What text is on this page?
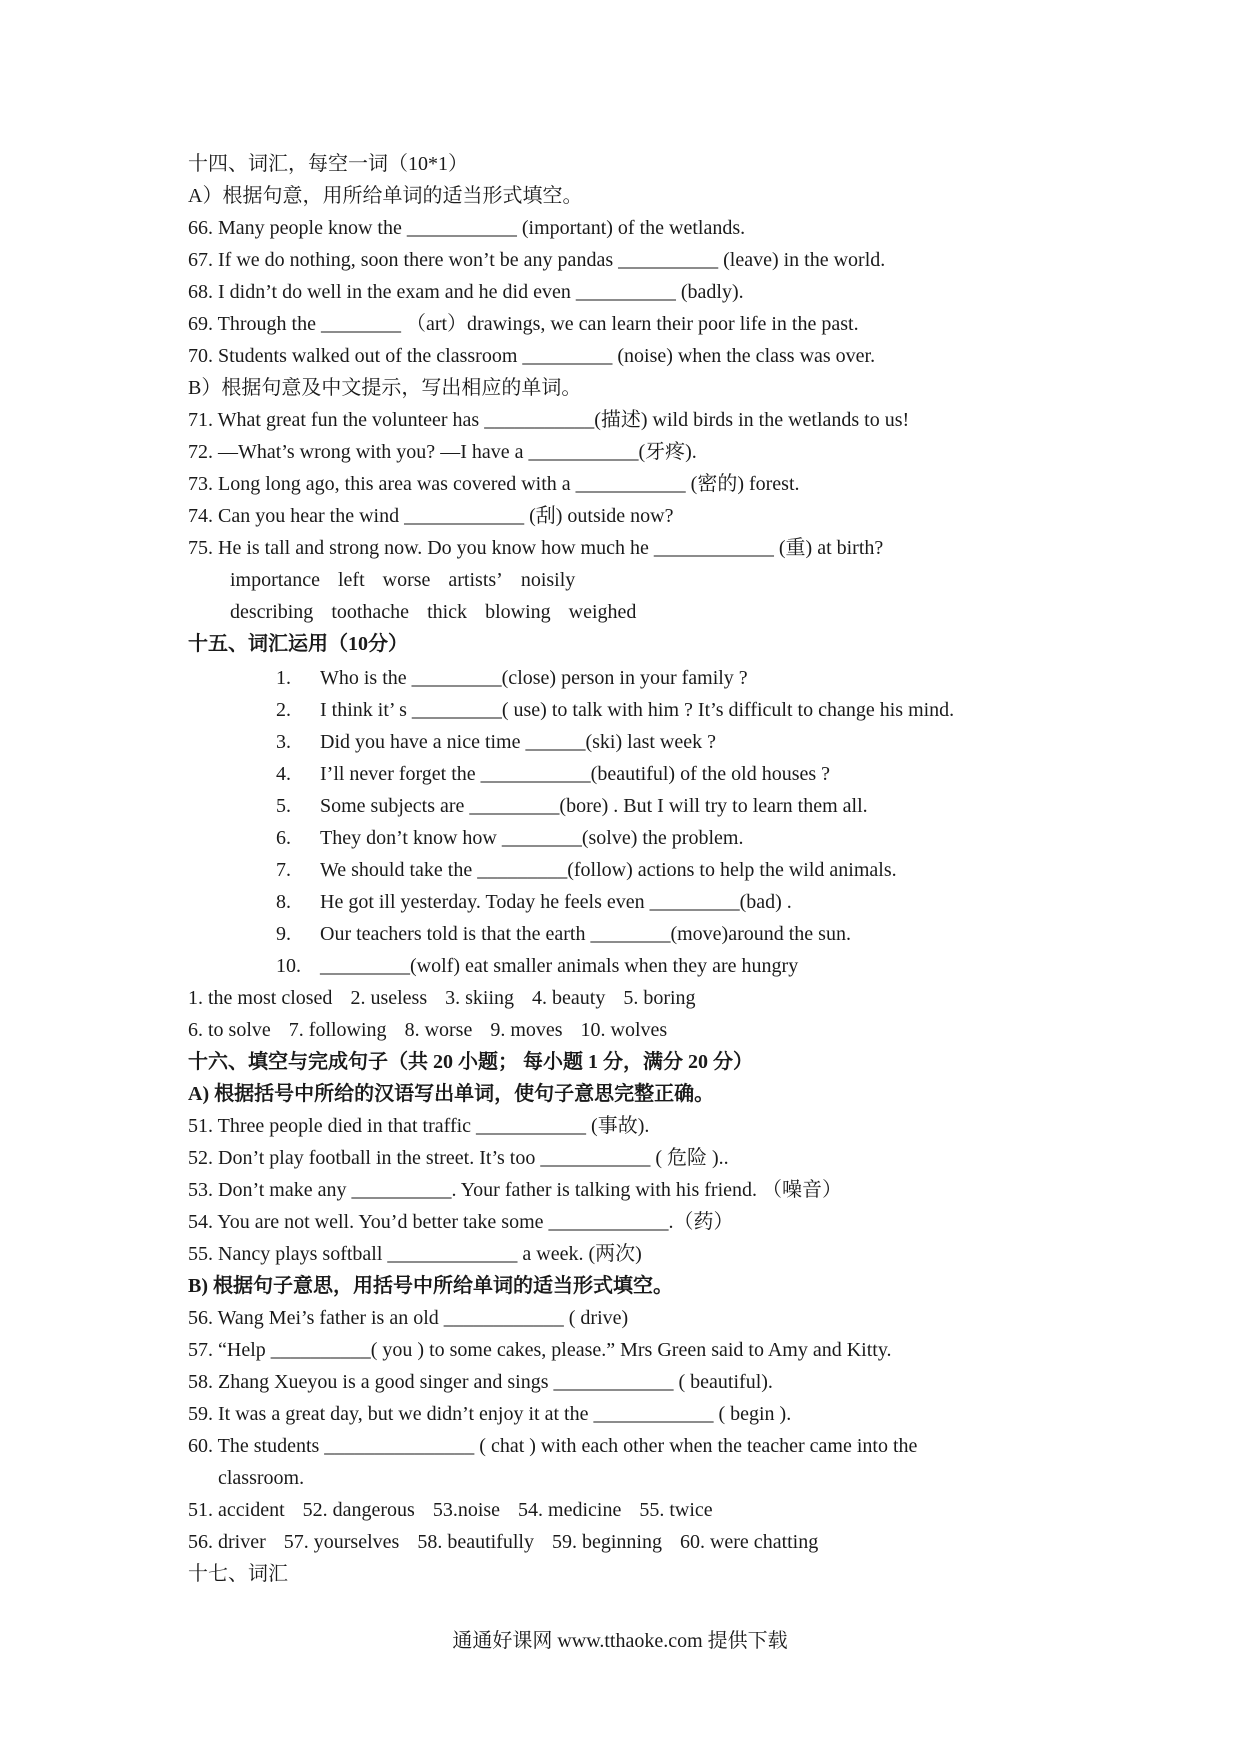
十四、词汇，每空一词（10*1）
A）根据句意，用所给单词的适当形式填空。
66. Many people know the ___________ (important) of the wetlands.
67. If we do nothing, soon there won’t be any pandas __________ (leave) in the world.
68. I didn’t do well in the exam and he did even __________ (badly).
69. Through the ________ （art）drawings, we can learn their poor life in the past.
70. Students walked out of the classroom _________ (noise) when the class was over.
B）根据句意及中文提示，写出相应的单词。
71. What great fun the volunteer has ___________(描述) wild birds in the wetlands to us!
72. —What’s wrong with you? —I have a ___________(牙疼).
73. Long long ago, this area was covered with a ___________ (密的) forest.
74. Can you hear the wind ____________ (刮) outside now?
75. He is tall and strong now. Do you know how much he ____________ (重) at birth?
importance left worse artists’ noisily
describing toothache thick blowing weighed
十五、词汇运用（10分）
1. Who is the _________(close) person in your family ?
2. I think it’ s _________( use) to talk with him ? It’s difficult to change his mind.
3. Did you have a nice time ______(ski) last week ?
4. I’ll never forget the ___________(beautiful) of the old houses ?
5. Some subjects are _________(bore) . But I will try to learn them all.
6. They don’t know how ________(solve) the problem.
7. We should take the _________(follow) actions to help the wild animals.
8. He got ill yesterday. Today he feels even _________(bad) .
9. Our teachers told is that the earth ________(move)around the sun.
10. _________(wolf) eat smaller animals when they are hungry
1. the most closed 2. useless 3. skiing 4. beauty 5. boring
6. to solve 7. following 8. worse 9. moves 10. wolves
十六、填空与完成句子（共 20 小题； 每小题 1 分，满分 20 分）
A) 根据括号中所给的汉语写出单词，使句子意思完整正确。
51. Three people died in that traffic ___________ (事故).
52. Don’t play football in the street. It’s too ___________ ( 危险 )..
53. Don’t make any __________. Your father is talking with his friend. （噪音）
54. You are not well. You’d better take some ____________.（药）
55. Nancy plays softball _____________ a week. (两次)
B) 根据句子意思，用括号中所给单词的适当形式填空。
56. Wang Mei’s father is an old ____________ ( drive)
57. “Help __________( you ) to some cakes, please.” Mrs Green said to Amy and Kitty.
58. Zhang Xueyou is a good singer and sings ____________ ( beautiful).
59. It was a great day, but we didn’t enjoy it at the ____________ ( begin ).
60. The students _______________ ( chat ) with each other when the teacher came into the
classroom.
51. accident 52. dangerous 53.noise 54. medicine 55. twice
56. driver 57. yourselves 58. beautifully 59. beginning 60. were chatting
十七、词汇
通通好课网 www.tthaoke.com 提供下载
